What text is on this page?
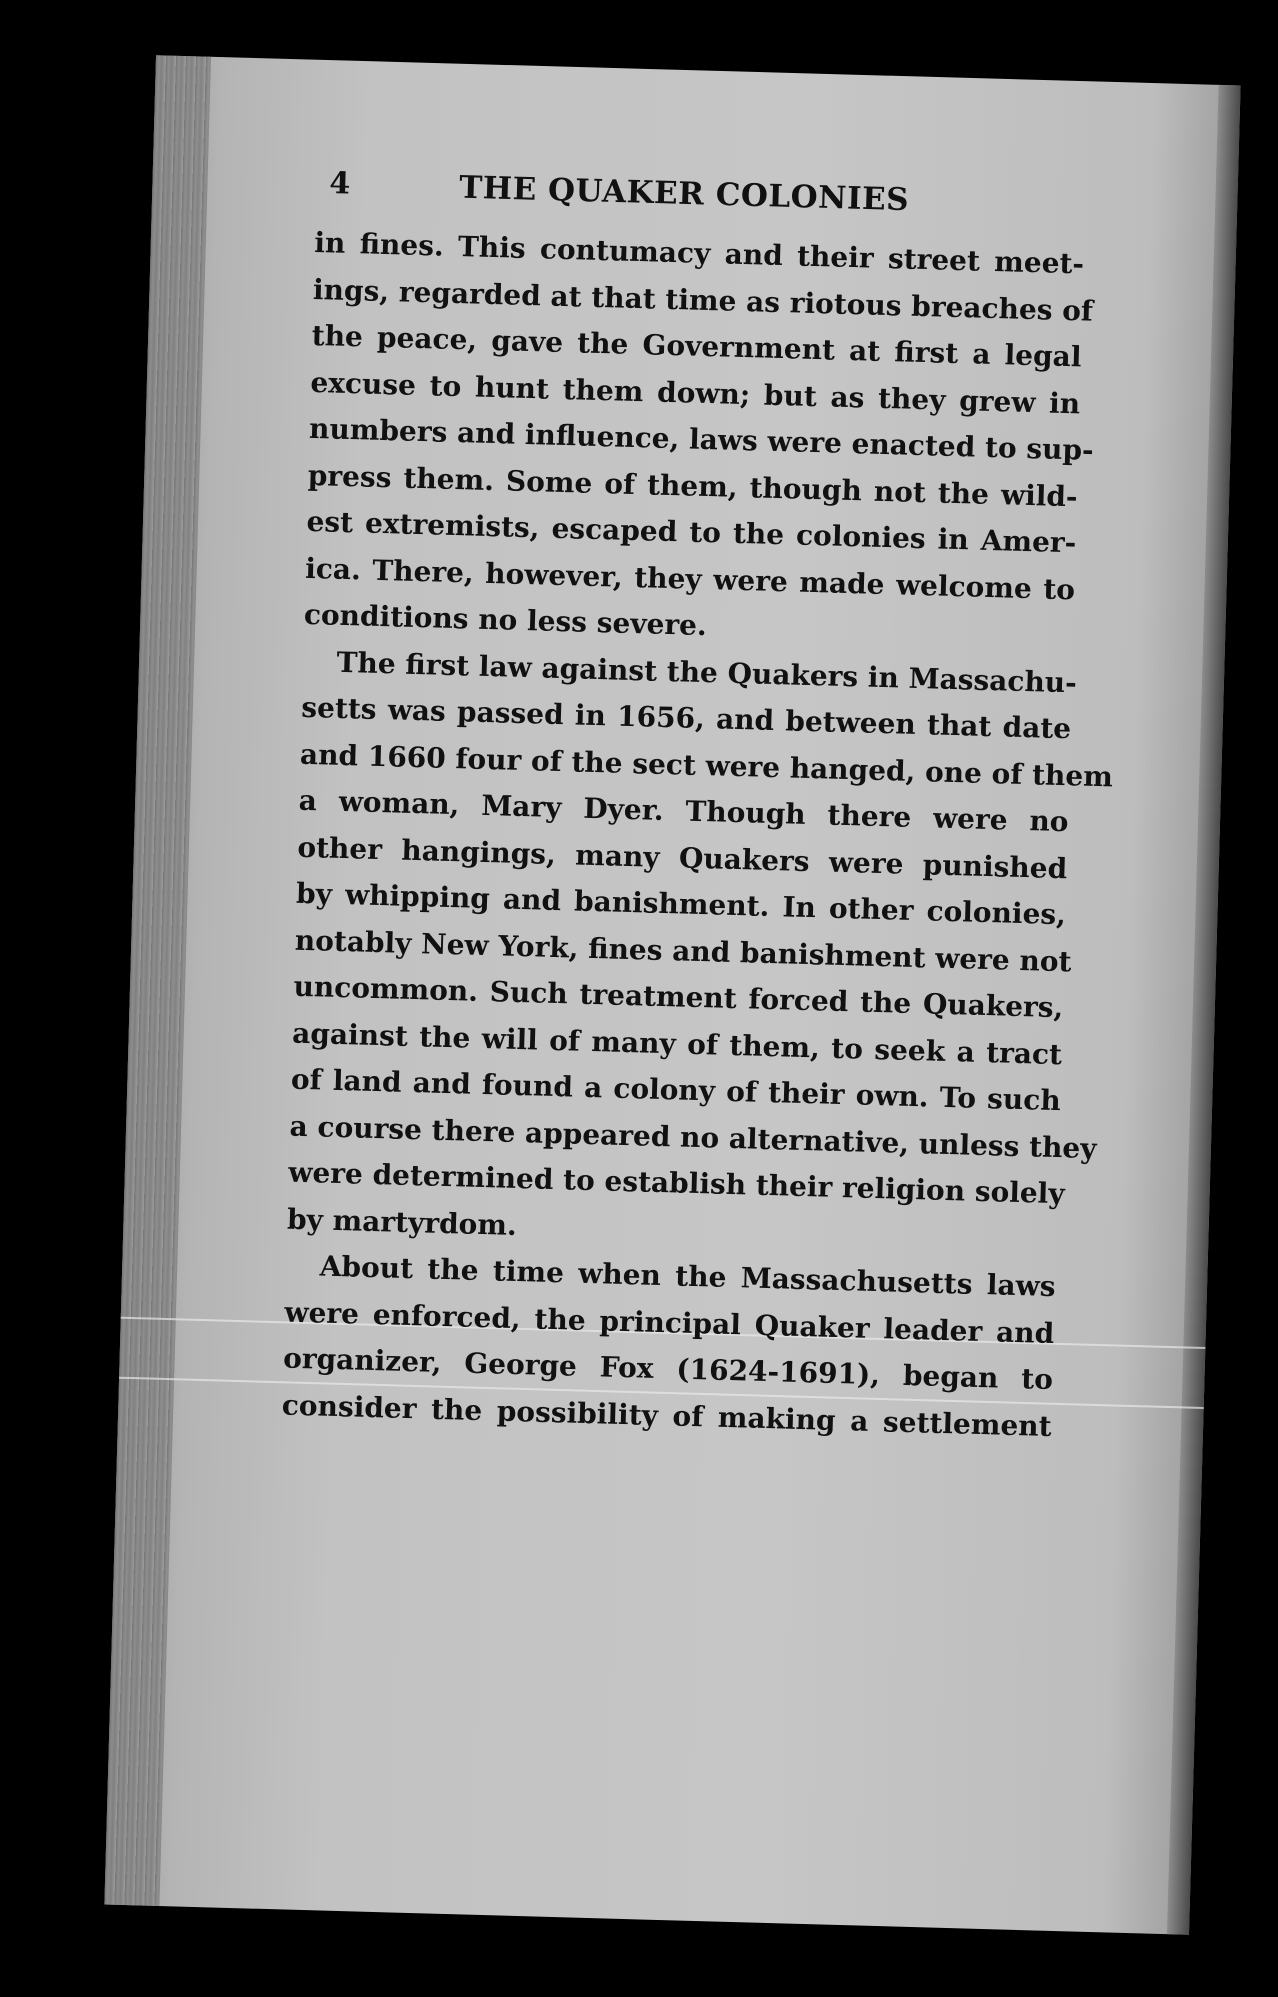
4	THE QUAKER COLONIES
in fines. This contumacy and their street meet-
ings, regarded at that time as riotous breaches of
the peace, gave the Government at first a legal
excuse to hunt them down; but as they grew in
numbers and influence, laws were enacted to sup-
press them. Some of them, though not the wild-
est extremists, escaped to the colonies in Amer-
ica. There, however, they were made welcome to
conditions no less severe.
The first law against the Quakers in Massachu-
setts was passed in 1656, and between that date
and 1660 four of the sect were hanged, one of them
a woman, Mary Dyer. Though there were no
other hangings, many Quakers were punished
by whipping and banishment. In other colonies,
notably New York, fines and banishment were not
uncommon. Such treatment forced the Quakers,
against the will of many of them, to seek a tract
of land and found a colony of their own. To such
a course there appeared no alternative, unless they
were determined to establish their religion solely
by martyrdom.
About the time when the Massachusetts laws
were enforced, the principal Quaker leader and
organizer, George Fox (1624-1691), began to
consider the possibility of making a settlement
